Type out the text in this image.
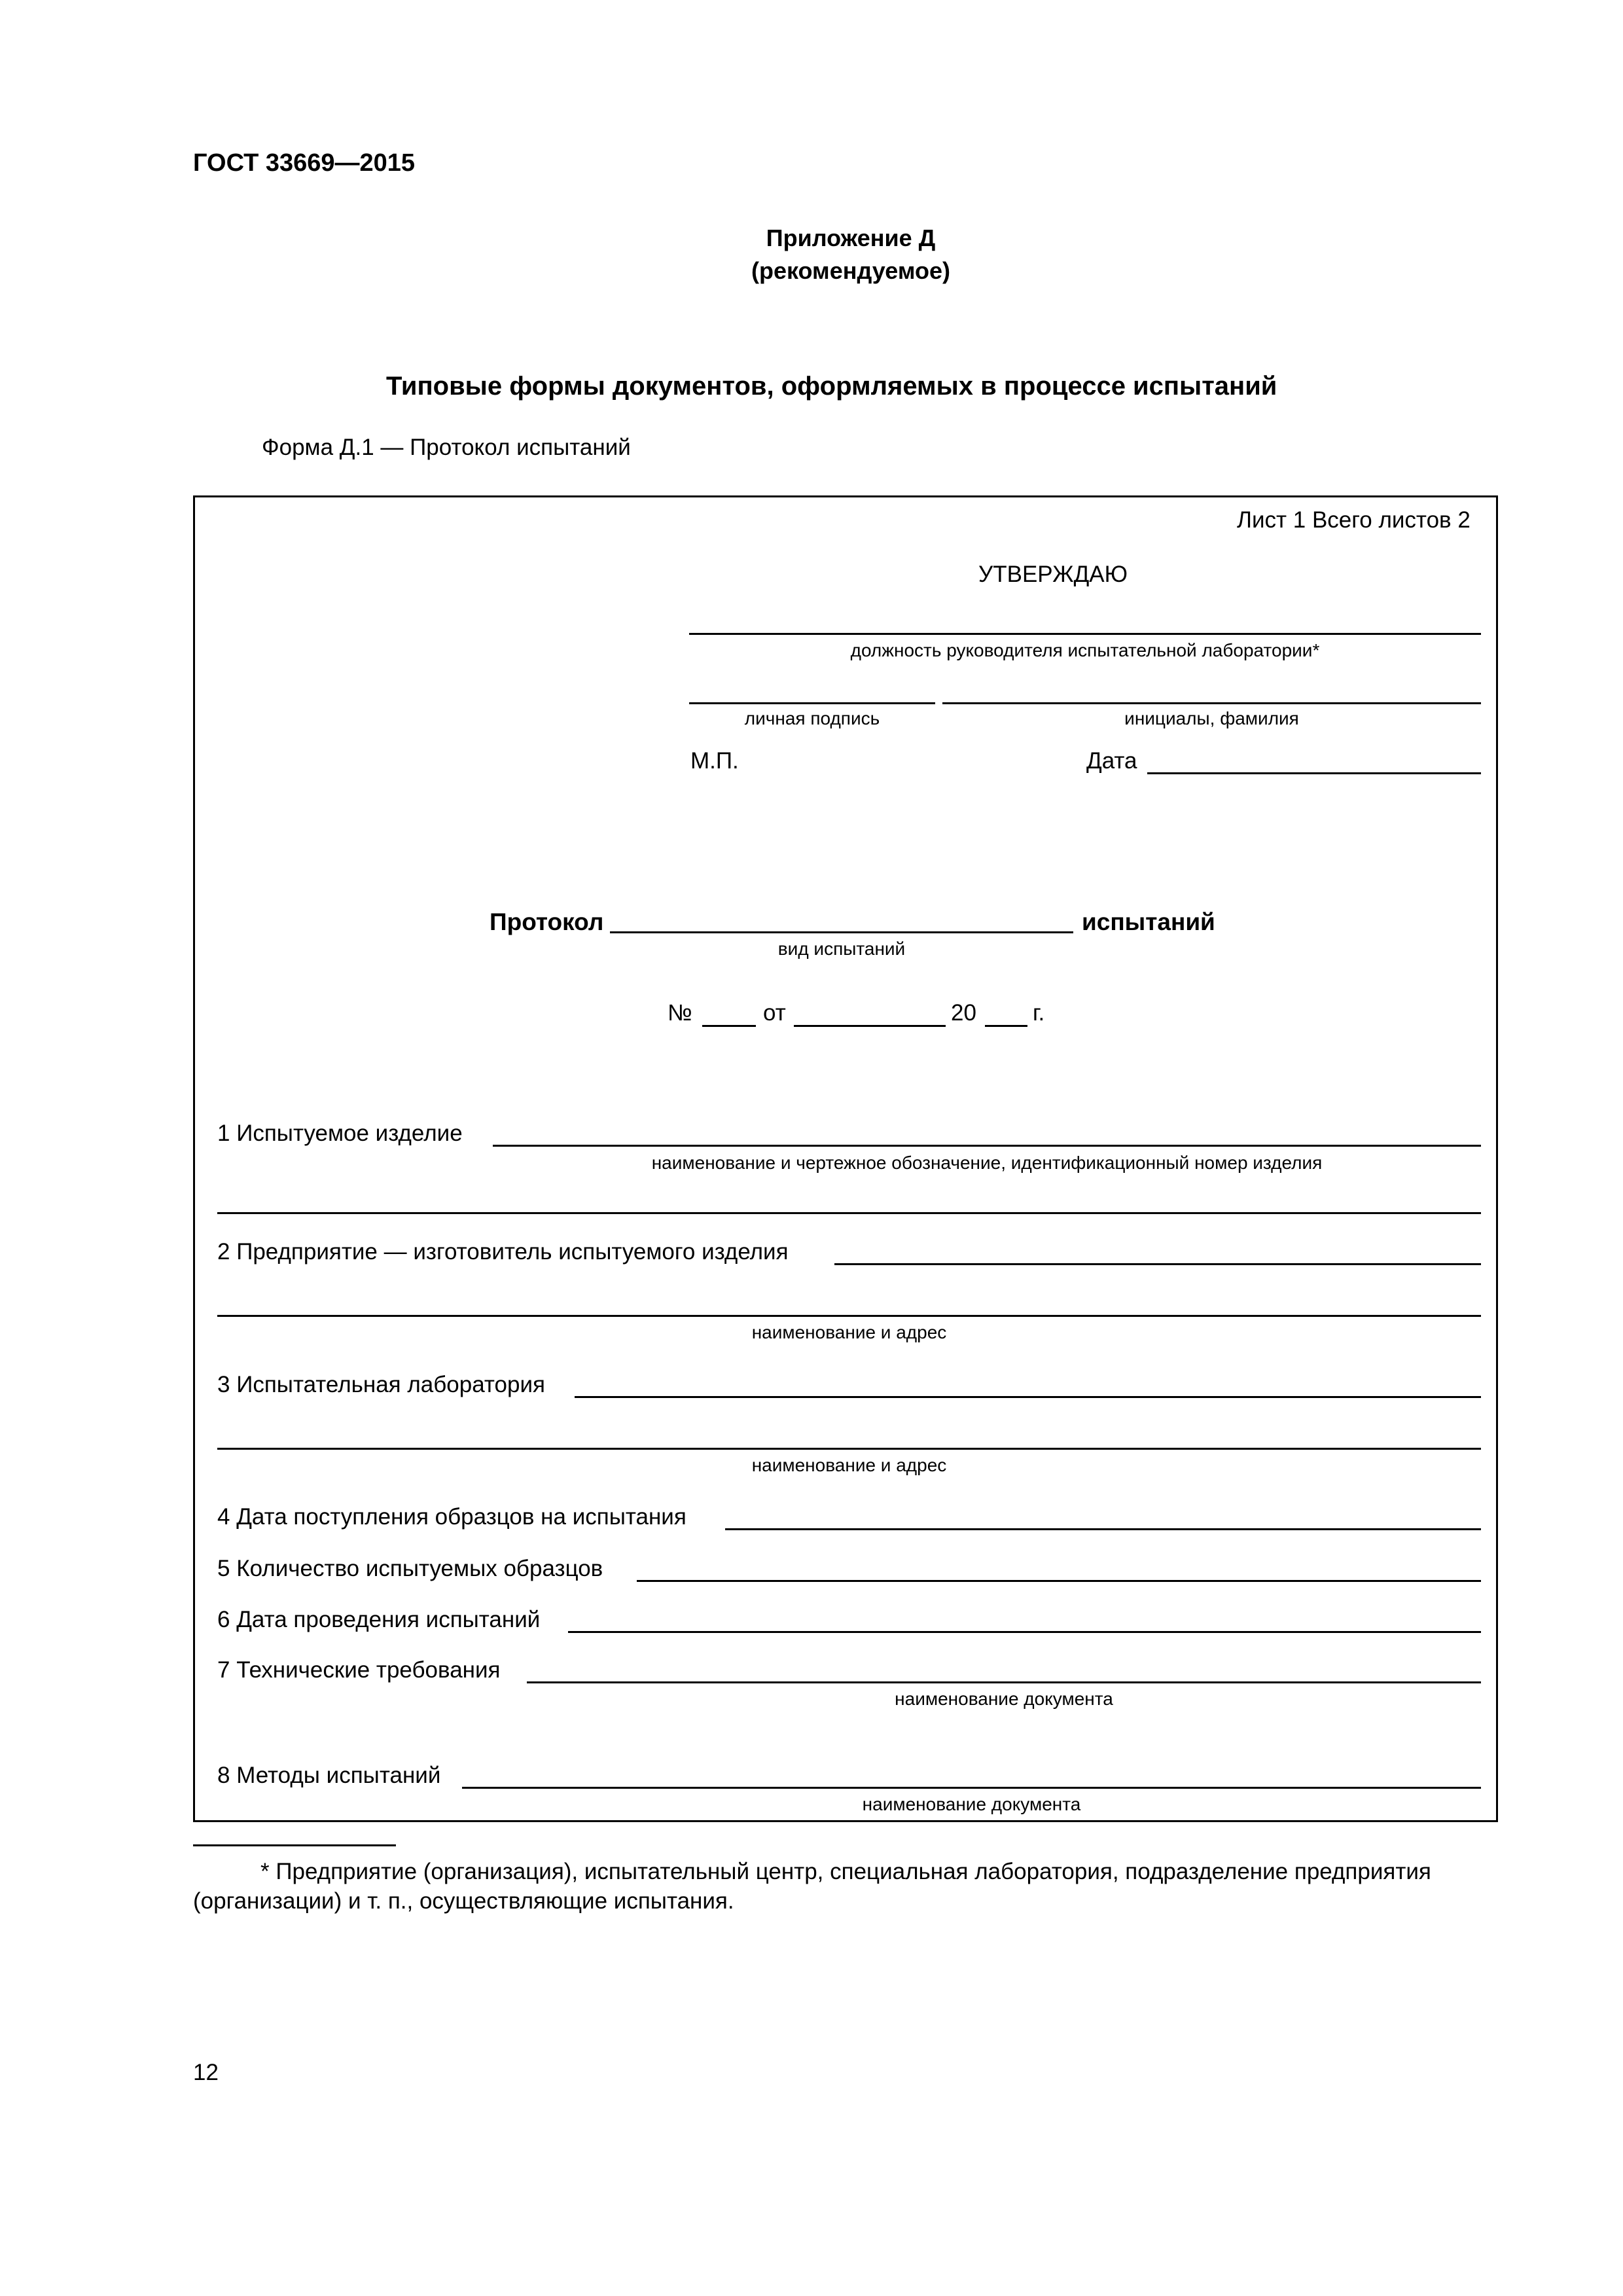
ГОСТ 33669—2015
Приложение Д
(рекомендуемое)
Типовые формы документов, оформляемых в процессе испытаний
Форма Д.1 — Протокол испытаний
Лист 1 Всего листов 2
УТВЕРЖДАЮ
должность руководителя испытательной лаборатории*
личная подпись	инициалы, фамилия
М.П.	Дата
Протокол	испытаний
вид испытаний
№	от	20 г.
1 Испытуемое изделие
наименование и чертежное обозначение, идентификационный номер изделия
2 Предприятие — изготовитель испытуемого изделия
наименование и адрес
3 Испытательная лаборатория
наименование и адрес
4 Дата поступления образцов на испытания
5 Количество испытуемых образцов
6 Дата проведения испытаний
7 Технические требования
наименование документа
8 Методы испытаний
наименование документа
* Предприятие (организация), испытательный центр, специальная лаборатория, подразделение предприятия
(организации) и т. п., осуществляющие испытания.
12
